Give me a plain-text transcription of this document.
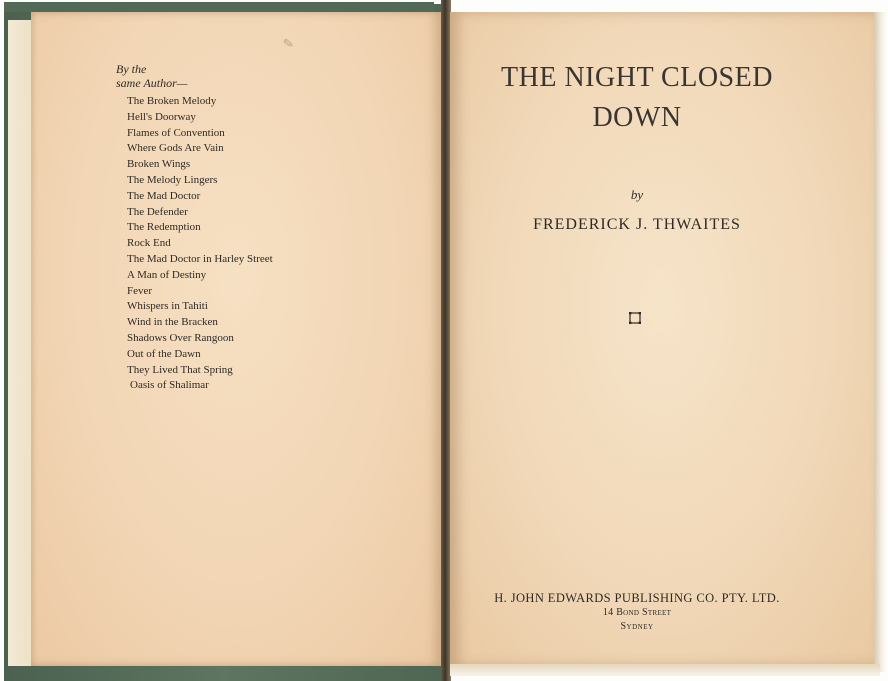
✎
By the
same Author—
The Broken Melody
Hell's Doorway
Flames of Convention
Where Gods Are Vain
Broken Wings
The Melody Lingers
The Mad Doctor
The Defender
The Redemption
Rock End
The Mad Doctor in Harley Street
A Man of Destiny
Fever
Whispers in Tahiti
Wind in the Bracken
Shadows Over Rangoon
Out of the Dawn
They Lived That Spring
Oasis of Shalimar
THE NIGHT CLOSED
DOWN
by
FREDERICK J. THWAITES
H. JOHN EDWARDS PUBLISHING CO. PTY. LTD.
14 Bond Street
Sydney
